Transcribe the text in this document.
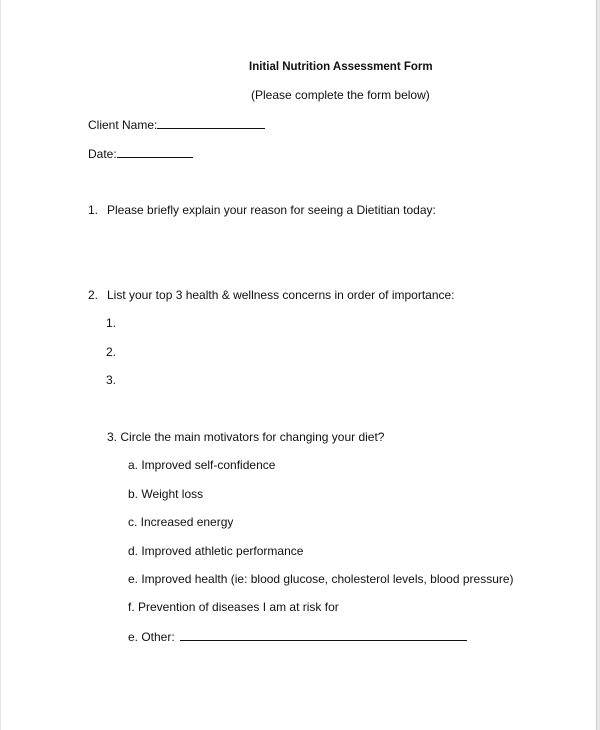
Initial Nutrition Assessment Form
(Please complete the form below)
Client Name:
Date:
1. Please briefly explain your reason for seeing a Dietitian today:
2. List your top 3 health & wellness concerns in order of importance:
1.
2.
3.
3. Circle the main motivators for changing your diet?
a. Improved self-confidence
b. Weight loss
c. Increased energy
d. Improved athletic performance
e. Improved health (ie: blood glucose, cholesterol levels, blood pressure)
f. Prevention of diseases I am at risk for
e. Other:
